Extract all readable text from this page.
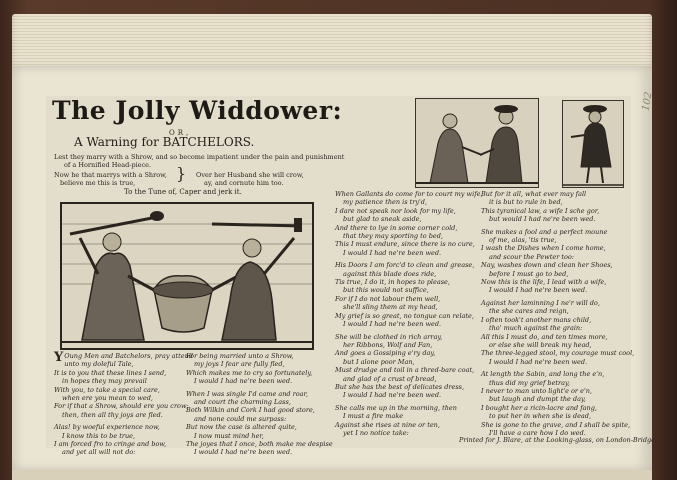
102
The Jolly Widdower:
OR,
A Warning for BATCHELORS.
Lest they marry with a Shrow, and so become impatient under the pain and punishment
of a Hornified Head-piece.
Now he that marrys with a Shrow,
believe me this is true,	} Over her Husband she will crow,
ay, and cornute him too.
To the Tune of, Caper and jerk it.

Y Oung Men and Batchelors, pray attend

unto my doleful Tale,

It is to you that these lines I send,

in hopes they may prevail

With you, to take a special care,

when ere you mean to wed,

For if that a Shrow, should ere you crow;

then, then all thy joys are fled.

Alas! by woeful experience now,

I know this to be true,

I am forced fro to cringe and bow,

and yet all will not do:

For being married unto a Shrow,

my joys I fear are fully fled,

Which makes me to cry so fortunately,

I would I had ne're been wed.

When I was single I'd came and roar,

and court the charming Lass,

Both Wilkin and Cork I had good store,

and none could me surpass:

But now the case is altered quite,

I now must mind her,

The joyes that I once, both make me despise

I would I had ne're been wed.

When Gallants do come for to court my wife,

my patience then is try'd,

I dare not speak nor look for my life,

but glad to sneak aside,

And there to lye in some corner cold,

that they may sporting to bed,

This I must endure, since there is no cure,

I would I had ne're been wed.

His Doors I am forc'd to clean and grease,

against this blade does ride,

Tis true, I do it, in hopes to please,

but this would not suffice,

For if I do not labour them well,

she'll sling them at my head,

My grief is so great, no tongue can relate,

I would I had ne're been wed.

She will be clothed in rich array,

her Ribbons, Wolf and Fan,

And goes a Gossiping e'ry day,

but I alone poor Man,

Must drudge and toil in a thred-bare coat,

and glad of a crust of bread,

But she has the best of delicates dress,

I would I had ne're been wed.

She calls me up in the morning, then

I must a fire make

Against she rises at nine or ten,

yet I no notice take:

But for it all, what ever may fall

it is but to rule in bed,

This tyranical law, a wife I sche gor,

but would I had ne're been wed.

She makes a fool and a perfect moune

of me, alas, 'tis true,

I wash the Dishes when I come home,

and scour the Pewter too:

Nay, washes down and clean her Shoes,

before I must go to bed,

Now this is the life, I lead with a wife,

I would I had ne're been wed.

Against her laminning I ne'r will do,

the she cares and reign,

I often took't another mans child,

tho' much against the grain:

All this I must do, and ten times more,

or else she will break my head,

The three-legged stool, my courage must cool,

I would I had ne're been wed.

At length the Sabin, and long the e'n,

thus did my grief betray,

I never to man unto light'e or e'n,

but laugh and dumpt the day,

I bought her a ricin-lacre and fang,

to put her in when she is dead,

She is gone to the grave, and I shall be spite,

I'll have a care how I do wed.

Printed for J. Blare, at the Looking-glass, on London-Bridge.
